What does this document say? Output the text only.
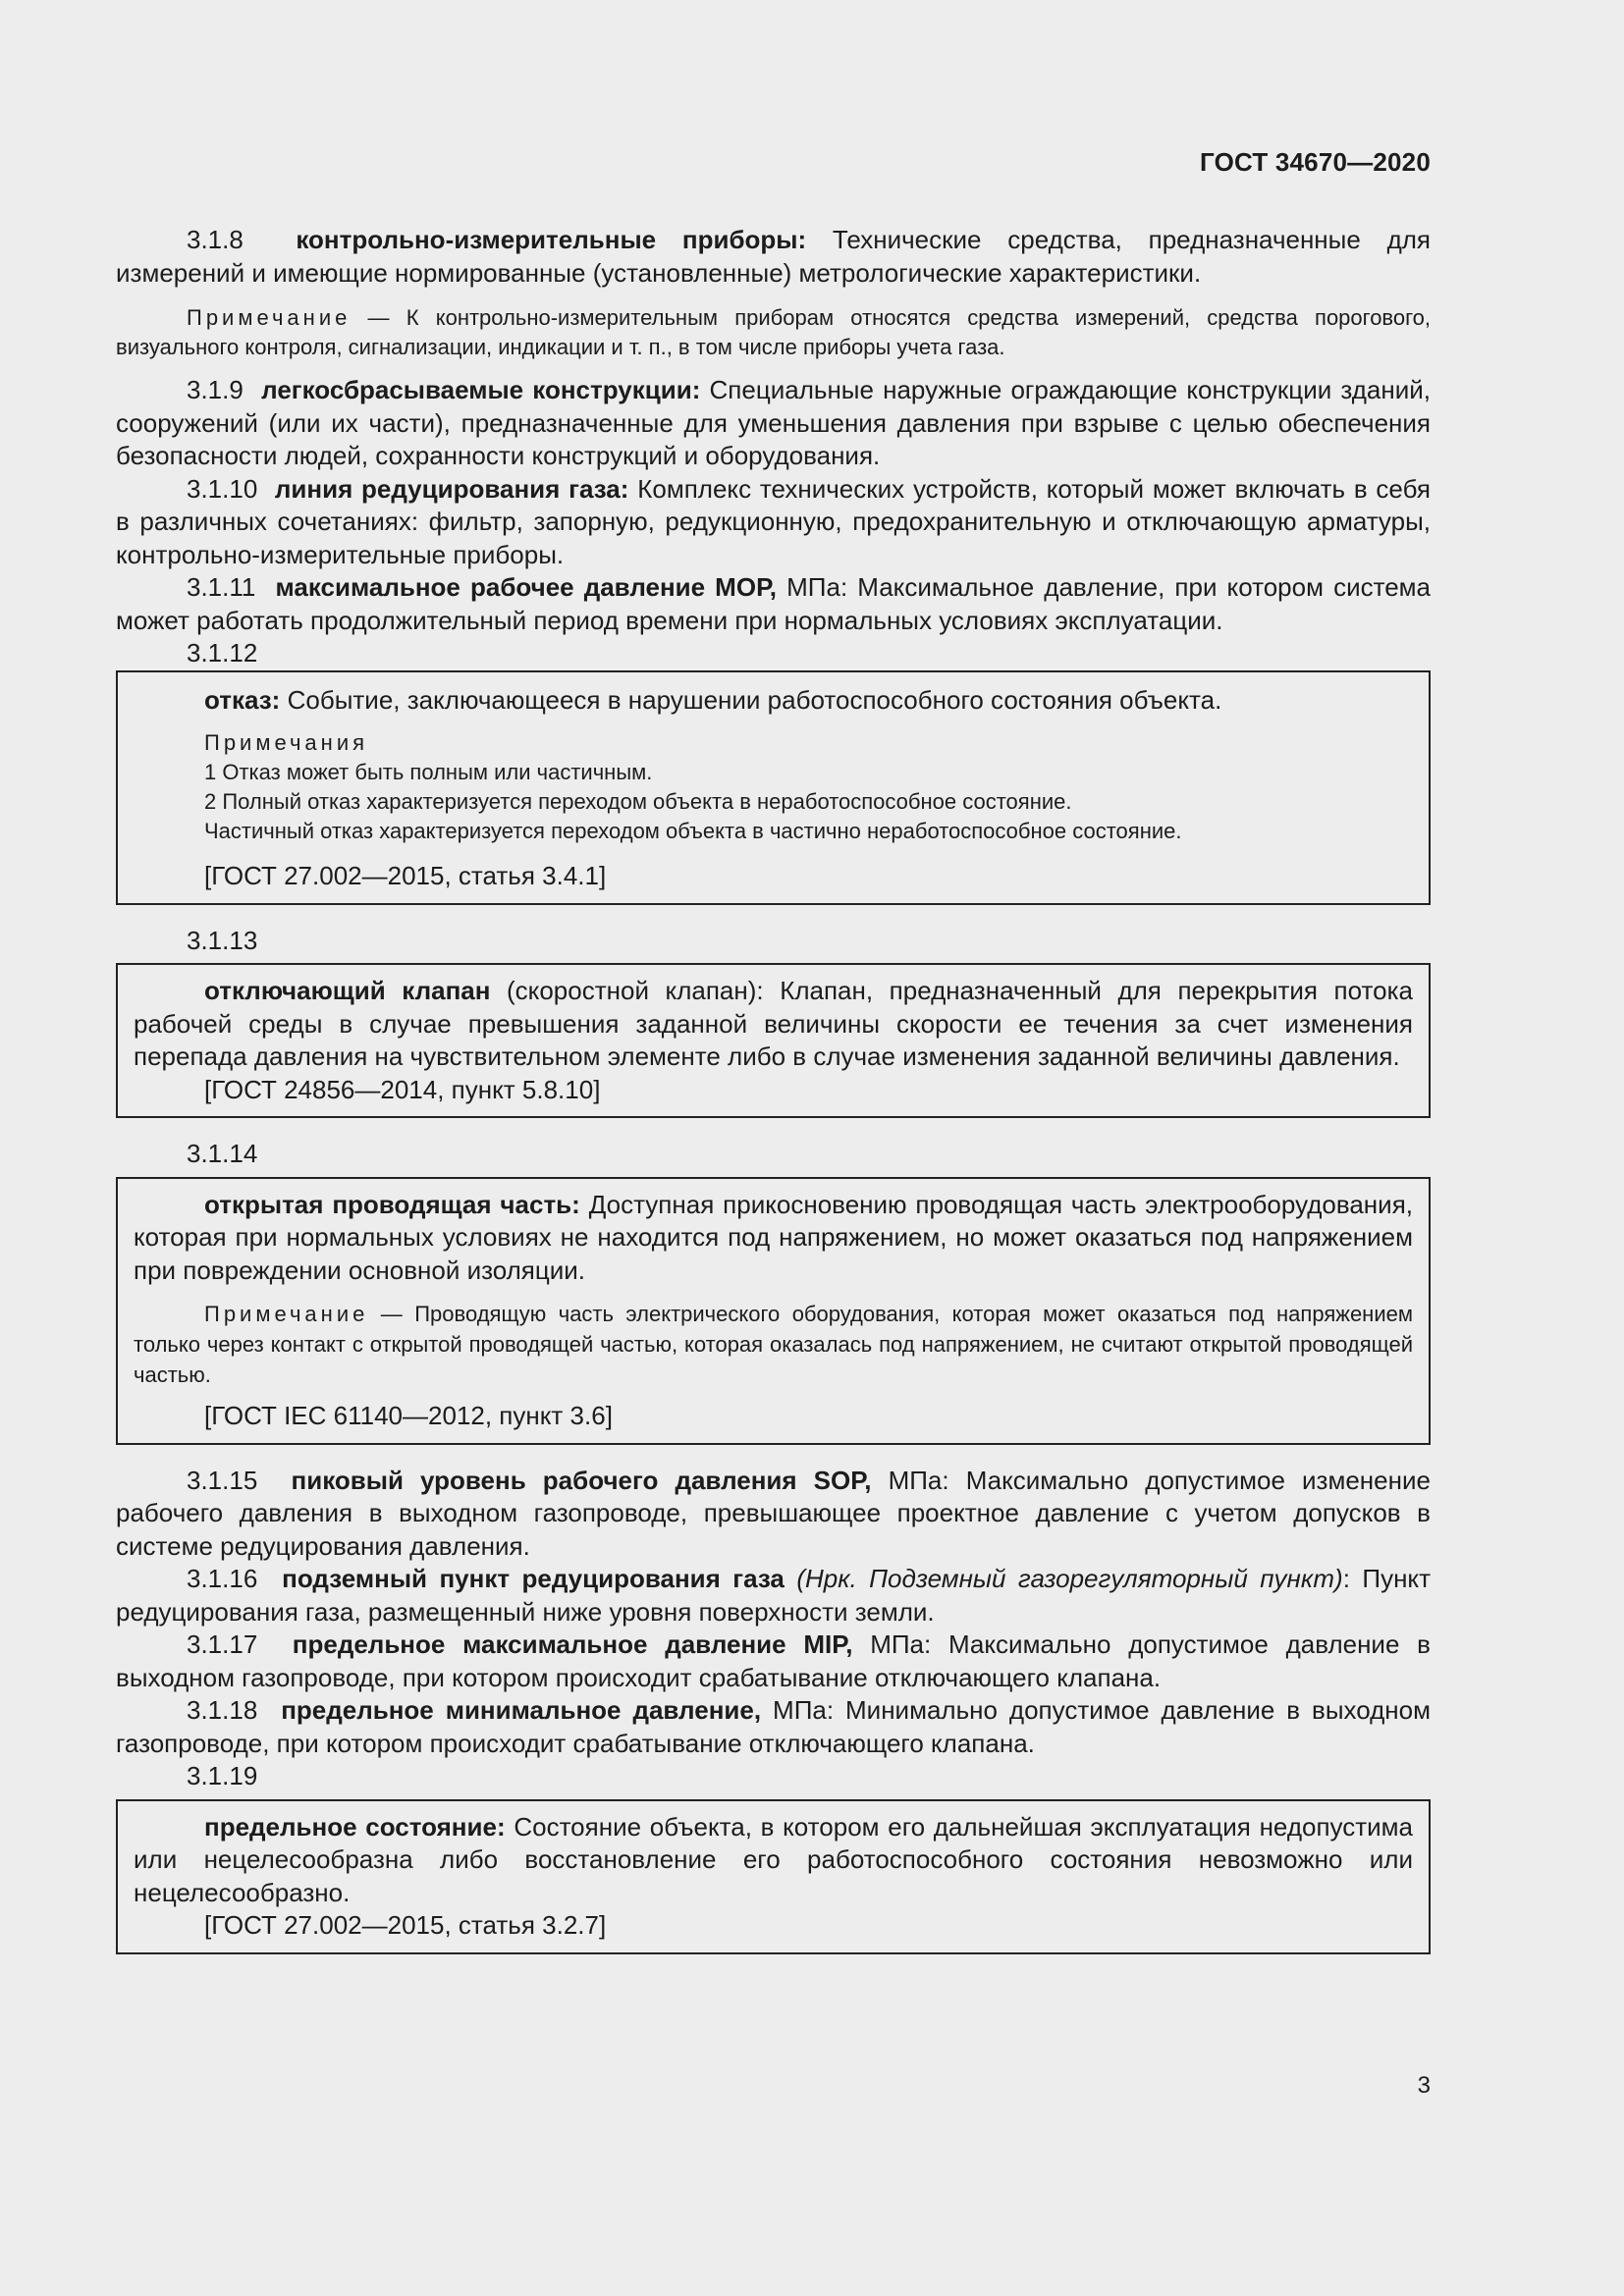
ГОСТ 34670—2020

3.1.8 контрольно-измерительные приборы: Технические средства, предназначенные для измерений и имеющие нормированные (установленные) метрологические характеристики.

Примечание — К контрольно-измерительным приборам относятся средства измерений, средства порогового, визуального контроля, сигнализации, индикации и т. п., в том числе приборы учета газа.

3.1.9 легкосбрасываемые конструкции: Специальные наружные ограждающие конструкции зданий, сооружений (или их части), предназначенные для уменьшения давления при взрыве с целью обеспечения безопасности людей, сохранности конструкций и оборудования.

3.1.10 линия редуцирования газа: Комплекс технических устройств, который может включать в себя в различных сочетаниях: фильтр, запорную, редукционную, предохранительную и отключающую арматуры, контрольно-измерительные приборы.

3.1.11 максимальное рабочее давление МОР, МПа: Максимальное давление, при котором система может работать продолжительный период времени при нормальных условиях эксплуатации.

3.1.12

отказ: Событие, заключающееся в нарушении работоспособного состояния объекта.

Примечания
1 Отказ может быть полным или частичным.
2 Полный отказ характеризуется переходом объекта в неработоспособное состояние.
Частичный отказ характеризуется переходом объекта в частично неработоспособное состояние.

[ГОСТ 27.002—2015, статья 3.4.1]

3.1.13

отключающий клапан (скоростной клапан): Клапан, предназначенный для перекрытия потока рабочей среды в случае превышения заданной величины скорости ее течения за счет изменения перепада давления на чувствительном элементе либо в случае изменения заданной величины давления.

[ГОСТ 24856—2014, пункт 5.8.10]

3.1.14

открытая проводящая часть: Доступная прикосновению проводящая часть электрооборудования, которая при нормальных условиях не находится под напряжением, но может оказаться под напряжением при повреждении основной изоляции.

Примечание — Проводящую часть электрического оборудования, которая может оказаться под напряжением только через контакт с открытой проводящей частью, которая оказалась под напряжением, не считают открытой проводящей частью.

[ГОСТ IEC 61140—2012, пункт 3.6]

3.1.15 пиковый уровень рабочего давления SOP, МПа: Максимально допустимое изменение рабочего давления в выходном газопроводе, превышающее проектное давление с учетом допусков в системе редуцирования давления.

3.1.16 подземный пункт редуцирования газа (Нрк. Подземный газорегуляторный пункт): Пункт редуцирования газа, размещенный ниже уровня поверхности земли.

3.1.17 предельное максимальное давление MIP, МПа: Максимально допустимое давление в выходном газопроводе, при котором происходит срабатывание отключающего клапана.

3.1.18 предельное минимальное давление, МПа: Минимально допустимое давление в выходном газопроводе, при котором происходит срабатывание отключающего клапана.

3.1.19

предельное состояние: Состояние объекта, в котором его дальнейшая эксплуатация недопустима или нецелесообразна либо восстановление его работоспособного состояния невозможно или нецелесообразно.

[ГОСТ 27.002—2015, статья 3.2.7]

3
